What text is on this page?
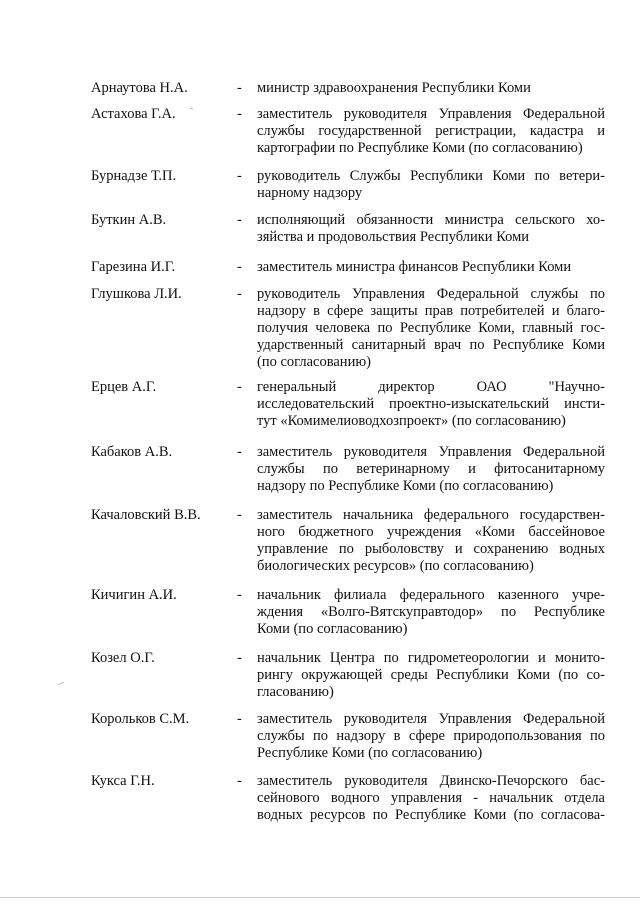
Арнаутова Н.А.	- министр здравоохранения Республики Коми
Астахова Г.А.	- заместитель руководителя Управления Федеральной
службы государственной регистрации, кадастра и
картографии по Республике Коми (по согласованию)
Бурнадзе Т.П.	- руководитель Службы Республики Коми по ветери-
нарному надзору
Буткин А.В.	- исполняющий обязанности министра сельского хо-
зяйства и продовольствия Республики Коми
Гарезина И.Г.	- заместитель министра финансов Республики Коми
Глушкова Л.И.	- руководитель Управления Федеральной службы по
надзору в сфере защиты прав потребителей и благо-
получия человека по Республике Коми, главный гос-
ударственный санитарный врач по Республике Коми
(по согласованию)
Ерцев А.Г.	- генеральный директор ОАО "Научно-
исследовательский проектно-изыскательский инсти-
тут «Комимелиоводхозпроект» (по согласованию)
Кабаков А.В.	- заместитель руководителя Управления Федеральной
службы по ветеринарному и фитосанитарному
надзору по Республике Коми (по согласованию)
Качаловский В.В.	- заместитель начальника федерального государствен-
ного бюджетного учреждения «Коми бассейновое
управление по рыболовству и сохранению водных
биологических ресурсов» (по согласованию)
Кичигин А.И.	- начальник филиала федерального казенного учре-
ждения «Волго-Вятскуправтодор» по Республике
Коми (по согласованию)
Козел О.Г.	- начальник Центра по гидрометеорологии и монито-
рингу окружающей среды Республики Коми (по со-
гласованию)
Корольков С.М.	- заместитель руководителя Управления Федеральной
службы по надзору в сфере природопользования по
Республике Коми (по согласованию)
Кукса Г.Н.	- заместитель руководителя Двинско-Печорского бас-
сейнового водного управления - начальник отдела
водных ресурсов по Республике Коми (по согласова-
